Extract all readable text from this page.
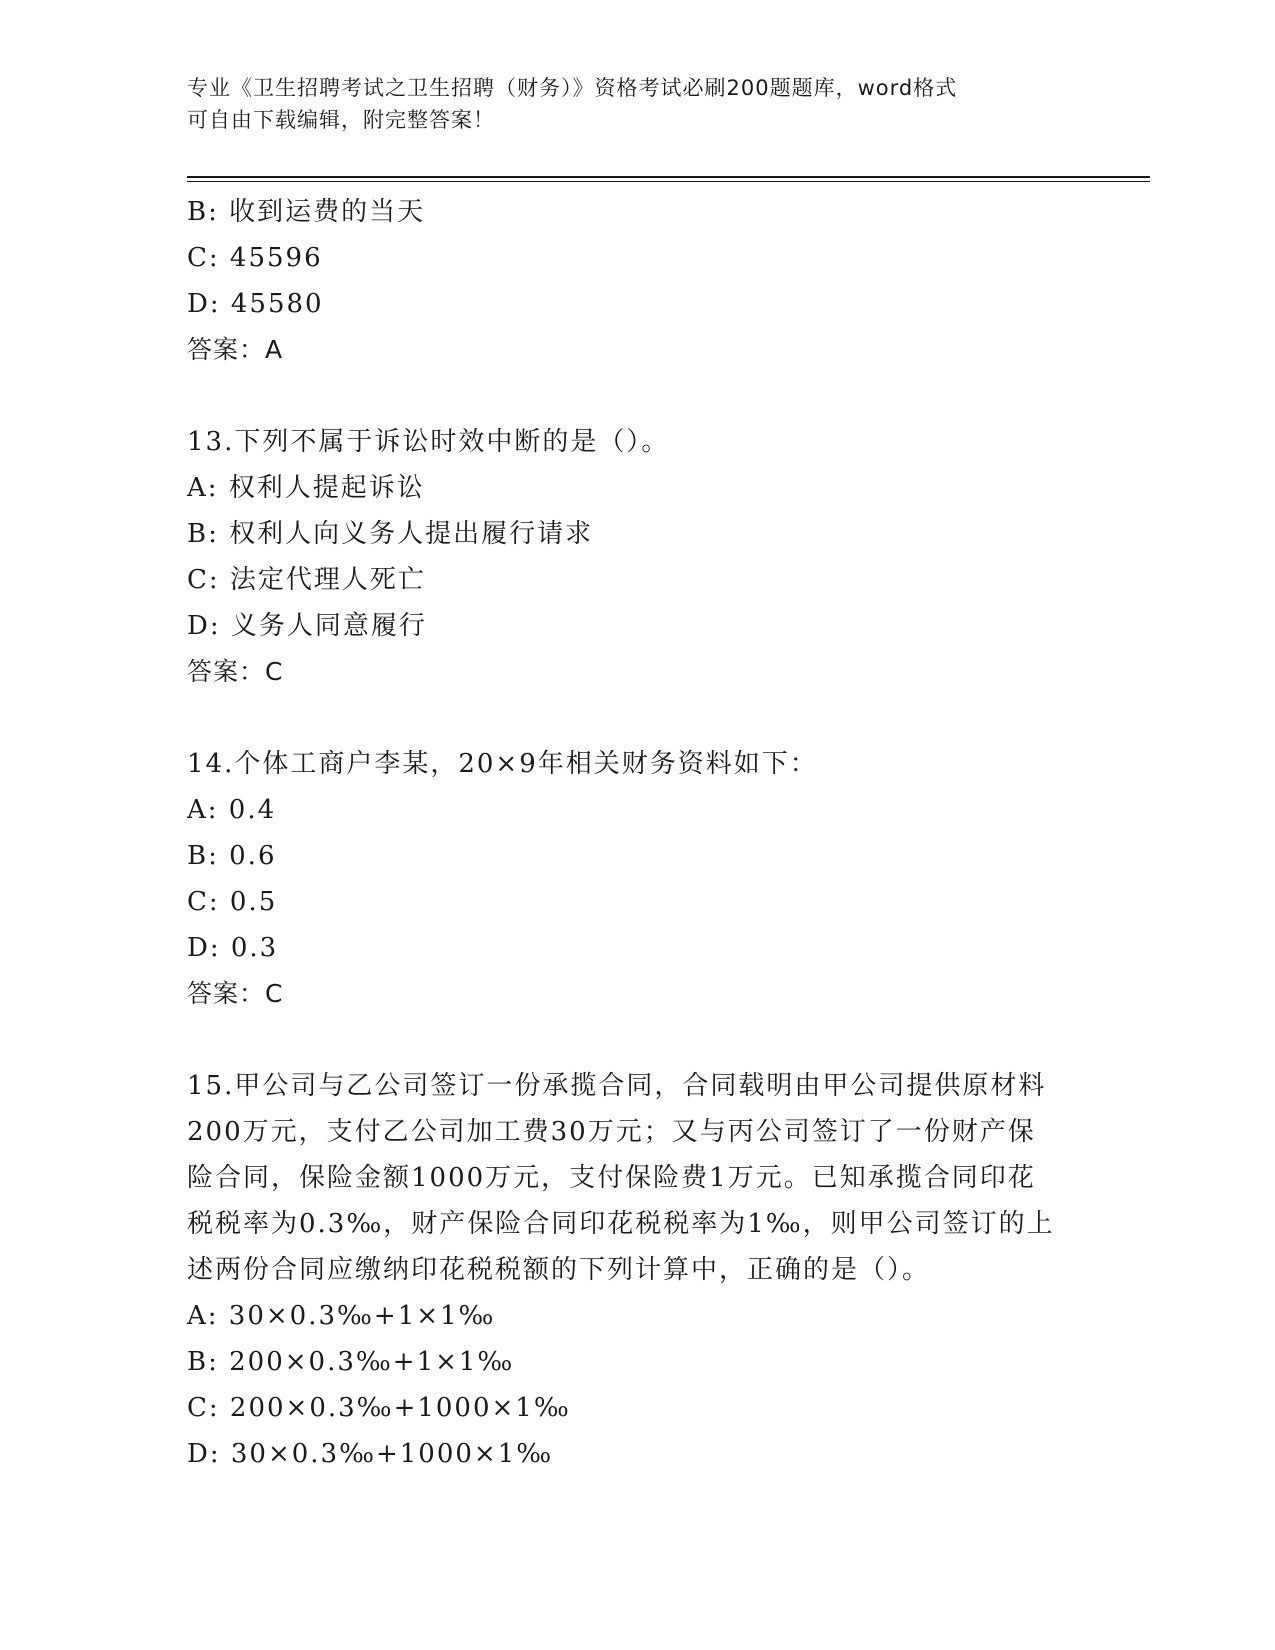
专业《卫生招聘考试之卫生招聘（财务）》资格考试必刷200题题库，word格式
可自由下载编辑，附完整答案！
B: 收到运费的当天
C: 45596
D: 45580
答案：A
13.下列不属于诉讼时效中断的是（）。
A: 权利人提起诉讼
B: 权利人向义务人提出履行请求
C: 法定代理人死亡
D: 义务人同意履行
答案：C
14.个体工商户李某，20×9年相关财务资料如下：
A: 0.4
B: 0.6
C: 0.5
D: 0.3
答案：C
15.甲公司与乙公司签订一份承揽合同，合同载明由甲公司提供原材料
200万元，支付乙公司加工费30万元；又与丙公司签订了一份财产保
险合同，保险金额1000万元，支付保险费1万元。已知承揽合同印花
税税率为0.3‰，财产保险合同印花税税率为1‰，则甲公司签订的上
述两份合同应缴纳印花税税额的下列计算中，正确的是（）。
A: 30×0.3‰+1×1‰
B: 200×0.3‰+1×1‰
C: 200×0.3‰+1000×1‰
D: 30×0.3‰+1000×1‰
